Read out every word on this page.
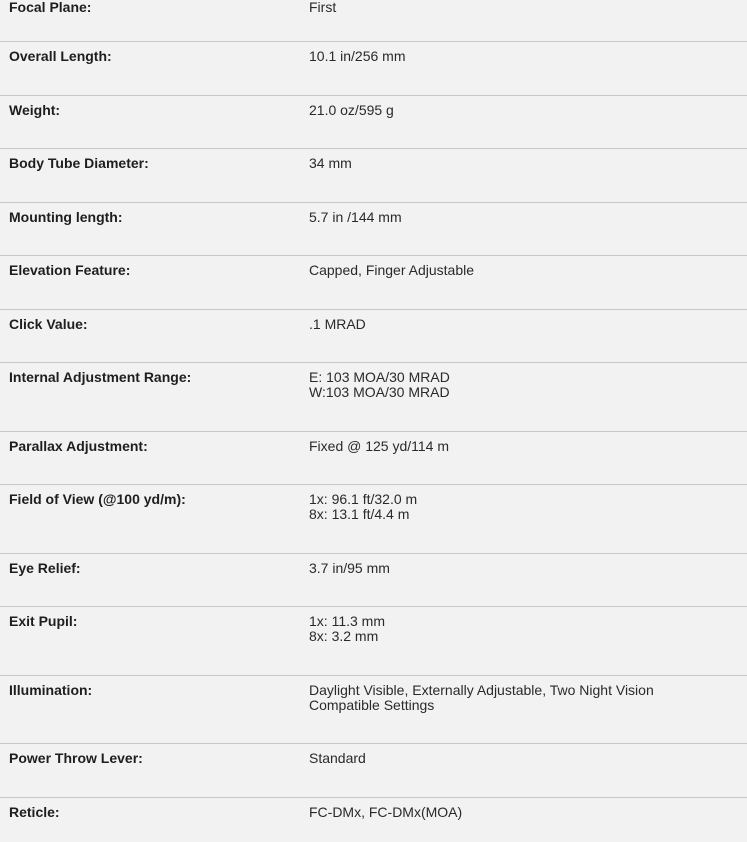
Focal Plane:	First

Overall Length:	10.1 in/256 mm

Weight:	21.0 oz/595 g

Body Tube Diameter:	34 mm

Mounting length:	5.7 in /144 mm

Elevation Feature:	Capped, Finger Adjustable

Click Value:	.1 MRAD

Internal Adjustment Range:	E: 103 MOA/30 MRAD
W:103 MOA/30 MRAD

Parallax Adjustment:	Fixed @ 125 yd/114 m

Field of View (@100 yd/m):	1x: 96.1 ft/32.0 m
8x: 13.1 ft/4.4 m

Eye Relief:	3.7 in/95 mm

Exit Pupil:	1x: 11.3 mm
8x: 3.2 mm

Illumination:	Daylight Visible, Externally Adjustable, Two Night Vision
Compatible Settings

Power Throw Lever:	Standard

Reticle:	FC-DMx, FC-DMx(MOA)
